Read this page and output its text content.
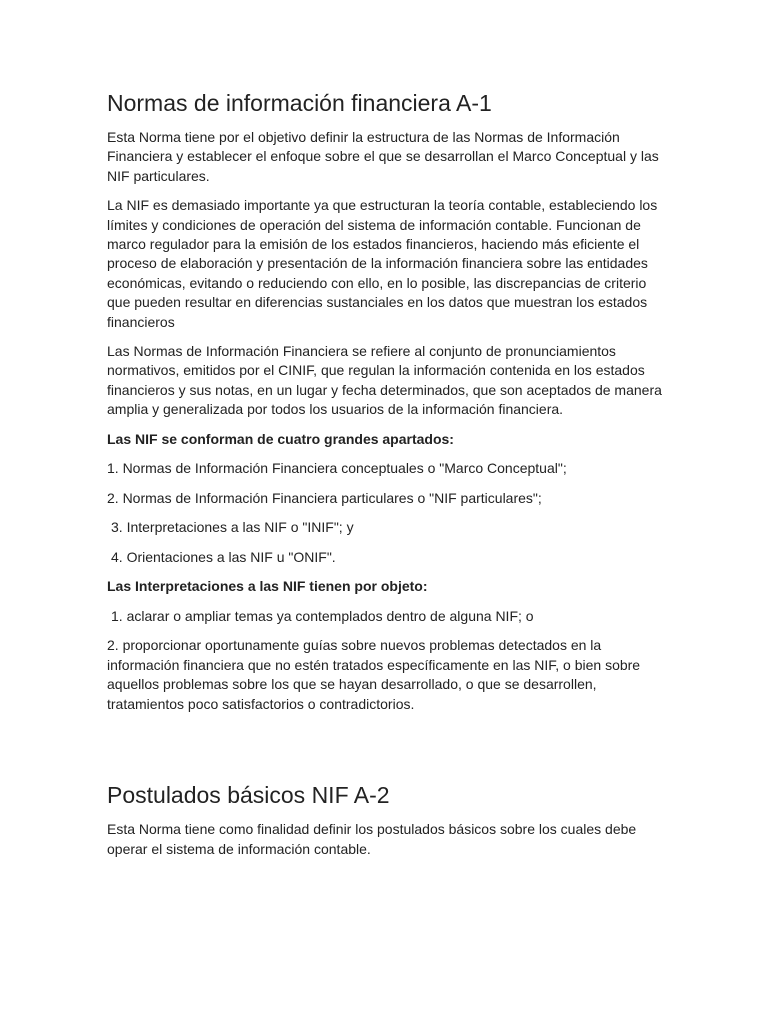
Normas de información financiera A-1

Esta Norma tiene por el objetivo definir la estructura de las Normas de Información Financiera y establecer el enfoque sobre el que se desarrollan el Marco Conceptual y las NIF particulares.

La NIF es demasiado importante ya que estructuran la teoría contable, estableciendo los límites y condiciones de operación del sistema de información contable. Funcionan de marco regulador para la emisión de los estados financieros, haciendo más eficiente el proceso de elaboración y presentación de la información financiera sobre las entidades económicas, evitando o reduciendo con ello, en lo posible, las discrepancias de criterio que pueden resultar en diferencias sustanciales en los datos que muestran los estados financieros

Las Normas de Información Financiera se refiere al conjunto de pronunciamientos normativos, emitidos por el CINIF, que regulan la información contenida en los estados financieros y sus notas, en un lugar y fecha determinados, que son aceptados de manera amplia y generalizada por todos los usuarios de la información financiera.

Las NIF se conforman de cuatro grandes apartados:

1. Normas de Información Financiera conceptuales o "Marco Conceptual";

2. Normas de Información Financiera particulares o "NIF particulares";

3. Interpretaciones a las NIF o "INIF"; y

4. Orientaciones a las NIF u "ONIF".

Las Interpretaciones a las NIF tienen por objeto:

1. aclarar o ampliar temas ya contemplados dentro de alguna NIF; o

2. proporcionar oportunamente guías sobre nuevos problemas detectados en la información financiera que no estén tratados específicamente en las NIF, o bien sobre aquellos problemas sobre los que se hayan desarrollado, o que se desarrollen, tratamientos poco satisfactorios o contradictorios.

Postulados básicos NIF A-2

Esta Norma tiene como finalidad definir los postulados básicos sobre los cuales debe operar el sistema de información contable.
